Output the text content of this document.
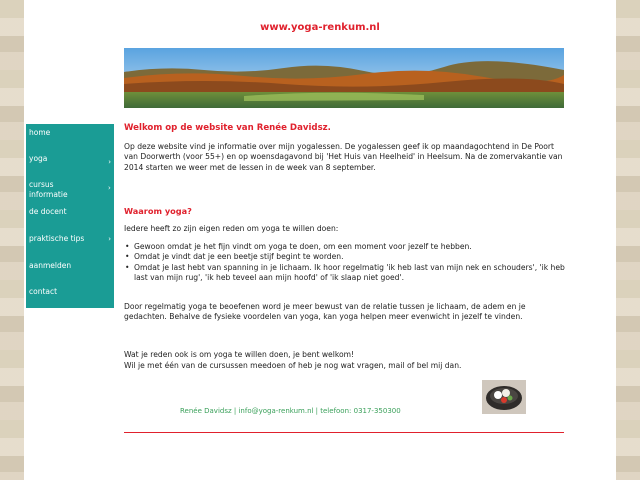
www.yoga-renkum.nl
home
yoga	›
cursus informatie
›
de docent
praktische tips	›
aanmelden
contact
Welkom op de website van Renée Davidsz.

Op deze website vind je informatie over mijn yogalessen. De yogalessen geef ik op maandagochtend in De Poort van Doorwerth (voor 55+) en op woensdagavond bij 'Het Huis van Heelheid' in Heelsum. Na de zomervakantie van 2014 starten we weer met de lessen in de week van 8 september.

Waarom yoga?

Iedere heeft zo zijn eigen reden om yoga te willen doen:

• Gewoon omdat je het fijn vindt om yoga te doen, om een moment voor jezelf te hebben.
• Omdat je vindt dat je een beetje stijf begint te worden.
• Omdat je last hebt van spanning in je lichaam. Ik hoor regelmatig 'ik heb last van mijn nek en schouders', 'ik heb last van mijn rug', 'ik heb teveel aan mijn hoofd' of 'ik slaap niet goed'.

Door regelmatig yoga te beoefenen word je meer bewust van de relatie tussen je lichaam, de adem en je gedachten. Behalve de fysieke voordelen van yoga, kan yoga helpen meer evenwicht in jezelf te vinden.

Wat je reden ook is om yoga te willen doen, je bent welkom!

Wil je met één van de cursussen meedoen of heb je nog wat vragen, mail of bel mij dan.

Renée Davidsz | info@yoga-renkum.nl | telefoon: 0317-350300
